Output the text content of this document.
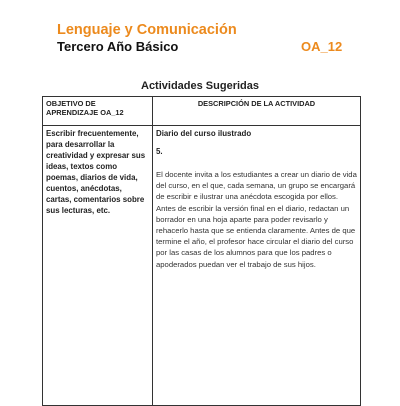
Lenguaje y Comunicación
Tercero Año Básico	OA_12
Actividades Sugeridas
OBJETIVO DE APRENDIZAJE OA_12	DESCRIPCIÓN DE LA ACTIVIDAD

Escribir frecuentemente, para desarrollar la creatividad y expresar sus ideas, textos como poemas, diarios de vida, cuentos, anécdotas, cartas, comentarios sobre sus lecturas, etc.	Diario del curso ilustrado
5.
El docente invita a los estudiantes a crear un diario de vida del curso, en el que, cada semana, un grupo se encargará de escribir e ilustrar una anécdota escogida por ellos. Antes de escribir la versión final en el diario, redactan un borrador en una hoja aparte para poder revisarlo y rehacerlo hasta que se entienda claramente. Antes de que termine el año, el profesor hace circular el diario del curso por las casas de los alumnos para que los padres o apoderados puedan ver el trabajo de sus hijos.
